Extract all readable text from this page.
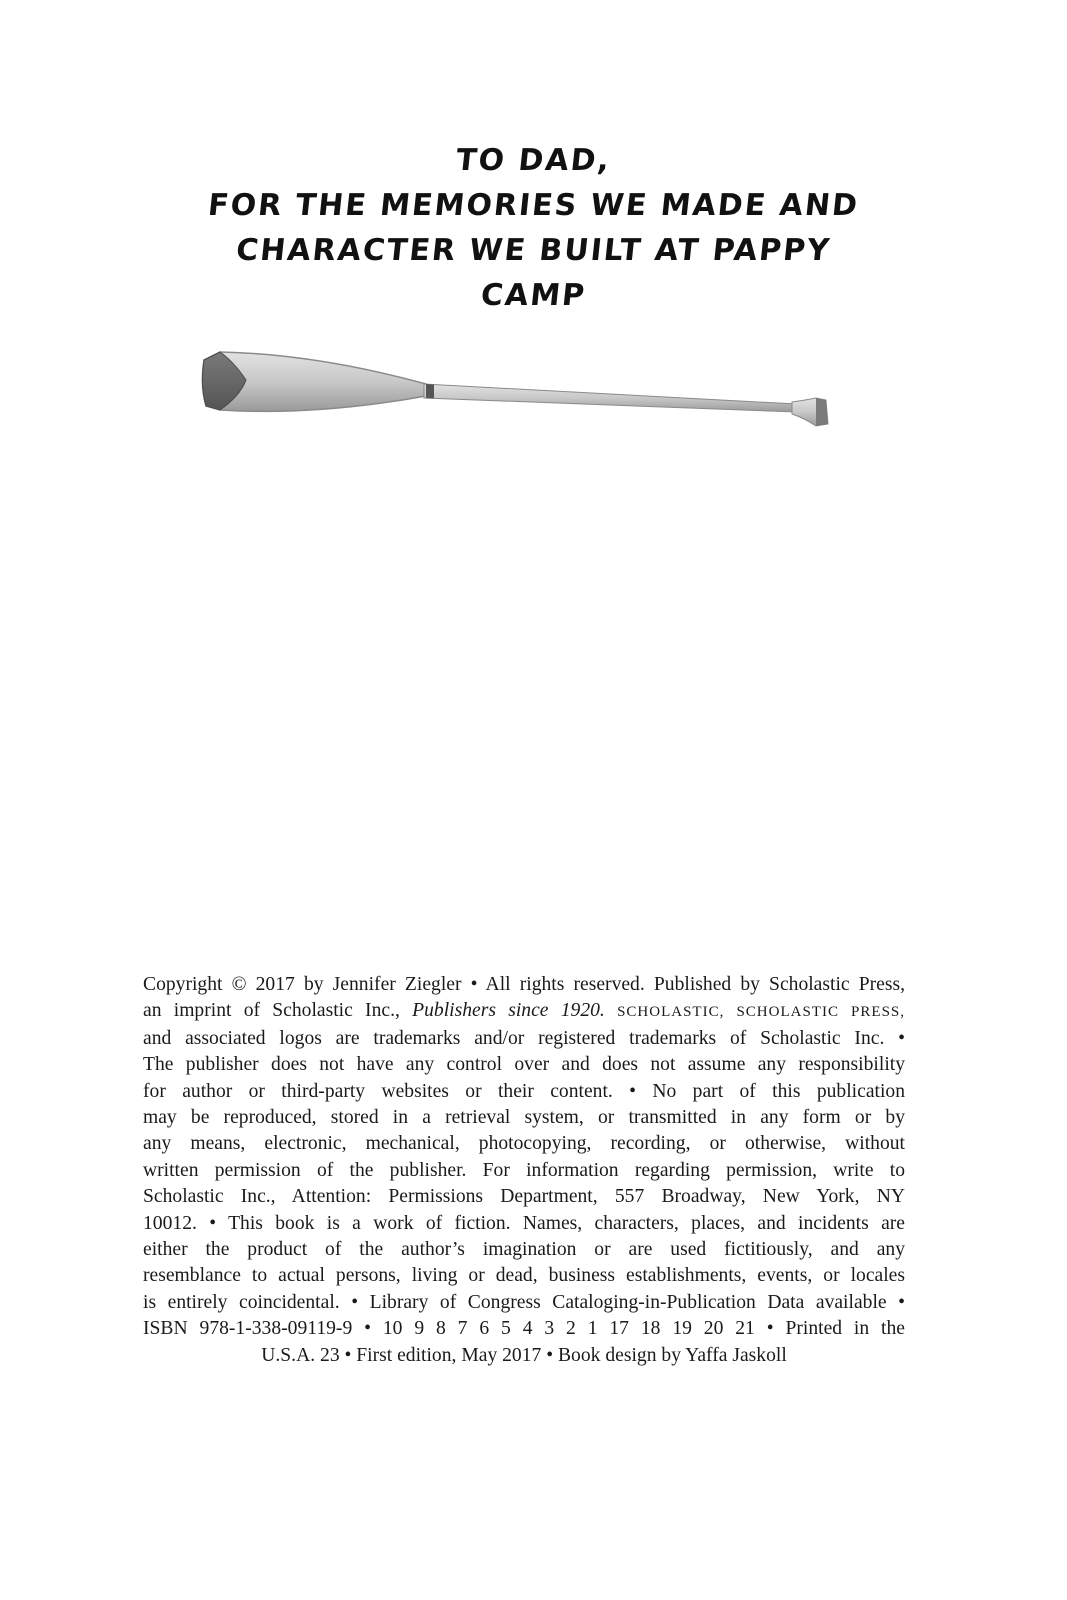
TO DAD,
FOR THE MEMORIES WE MADE AND
CHARACTER WE BUILT AT PAPPY
CAMP

Copyright © 2017 by Jennifer Ziegler • All rights reserved. Published by Scholastic Press,

an imprint of Scholastic Inc., Publishers since 1920. SCHOLASTIC, SCHOLASTIC PRESS,

and associated logos are trademarks and/or registered trademarks of Scholastic Inc. •

The publisher does not have any control over and does not assume any responsibility

for author or third-party websites or their content. • No part of this publication

may be reproduced, stored in a retrieval system, or transmitted in any form or by

any means, electronic, mechanical, photocopying, recording, or otherwise, without

written permission of the publisher. For information regarding permission, write to

Scholastic Inc., Attention: Permissions Department, 557 Broadway, New York, NY

10012. • This book is a work of fiction. Names, characters, places, and incidents are

either the product of the author’s imagination or are used fictitiously, and any

resemblance to actual persons, living or dead, business establishments, events, or locales

is entirely coincidental. • Library of Congress Cataloging-in-Publication Data available •

ISBN 978-1-338-09119-9 • 10 9 8 7 6 5 4 3 2 1 17 18 19 20 21 • Printed in the

U.S.A. 23 • First edition, May 2017 • Book design by Yaffa Jaskoll
